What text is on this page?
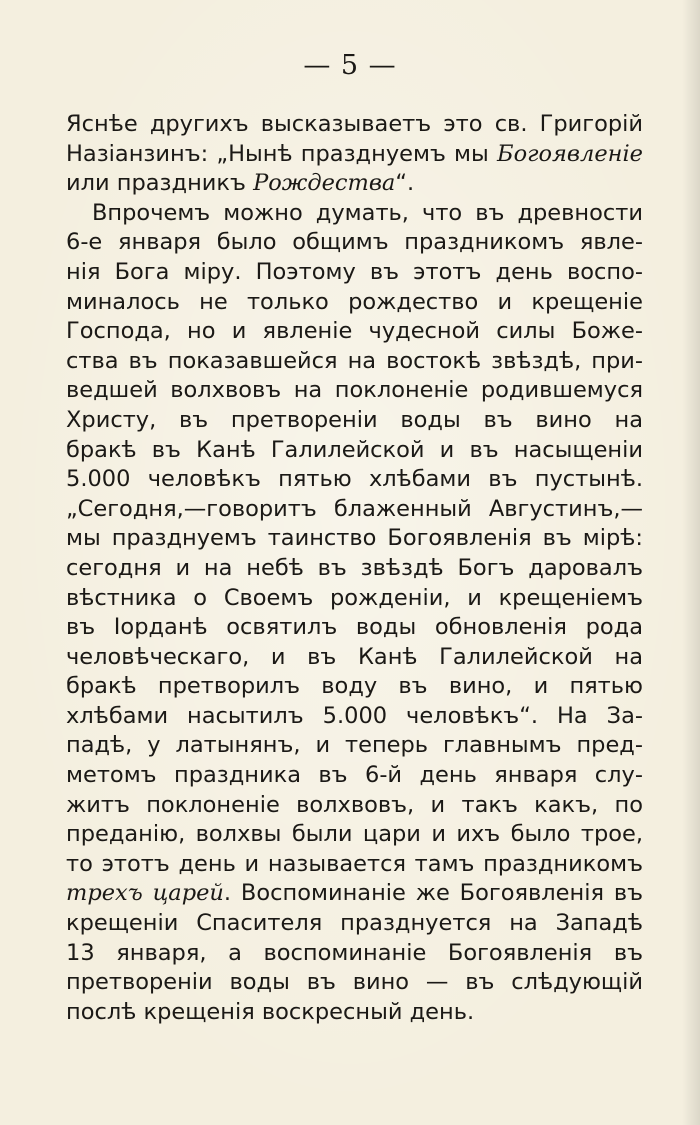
— 5 —
Яснѣе другихъ высказываетъ это св. Григорій
Назіанзинъ: „Нынѣ празднуемъ мы Богоявленіе
или праздникъ Рождества“.
Впрочемъ можно думать, что въ древности
6-е января было общимъ праздникомъ явле-
нія Бога міру. Поэтому въ этотъ день воспо-
миналось не только рождество и крещеніе
Господа, но и явленіе чудесной силы Боже-
ства въ показавшейся на востокѣ звѣздѣ, при-
ведшей волхвовъ на поклоненіе родившемуся
Христу, въ претвореніи воды въ вино на
бракѣ въ Канѣ Галилейской и въ насыщеніи
5.000 человѣкъ пятью хлѣбами въ пустынѣ.
„Сегодня,—говоритъ блаженный Августинъ,—
мы празднуемъ таинство Богоявленія въ мірѣ:
сегодня и на небѣ въ звѣздѣ Богъ даровалъ
вѣстника о Своемъ рожденіи, и крещеніемъ
въ Іорданѣ освятилъ воды обновленія рода
человѣческаго, и въ Канѣ Галилейской на
бракѣ претворилъ воду въ вино, и пятью
хлѣбами насытилъ 5.000 человѣкъ“. На За-
падѣ, у латынянъ, и теперь главнымъ пред-
метомъ праздника въ 6-й день января слу-
житъ поклоненіе волхвовъ, и такъ какъ, по
преданію, волхвы были цари и ихъ было трое,
то этотъ день и называется тамъ праздникомъ
трехъ царей. Воспоминаніе же Богоявленія въ
крещеніи Спасителя празднуется на Западѣ
13 января, а воспоминаніе Богоявленія въ
претвореніи воды въ вино — въ слѣдующій
послѣ крещенія воскресный день.
